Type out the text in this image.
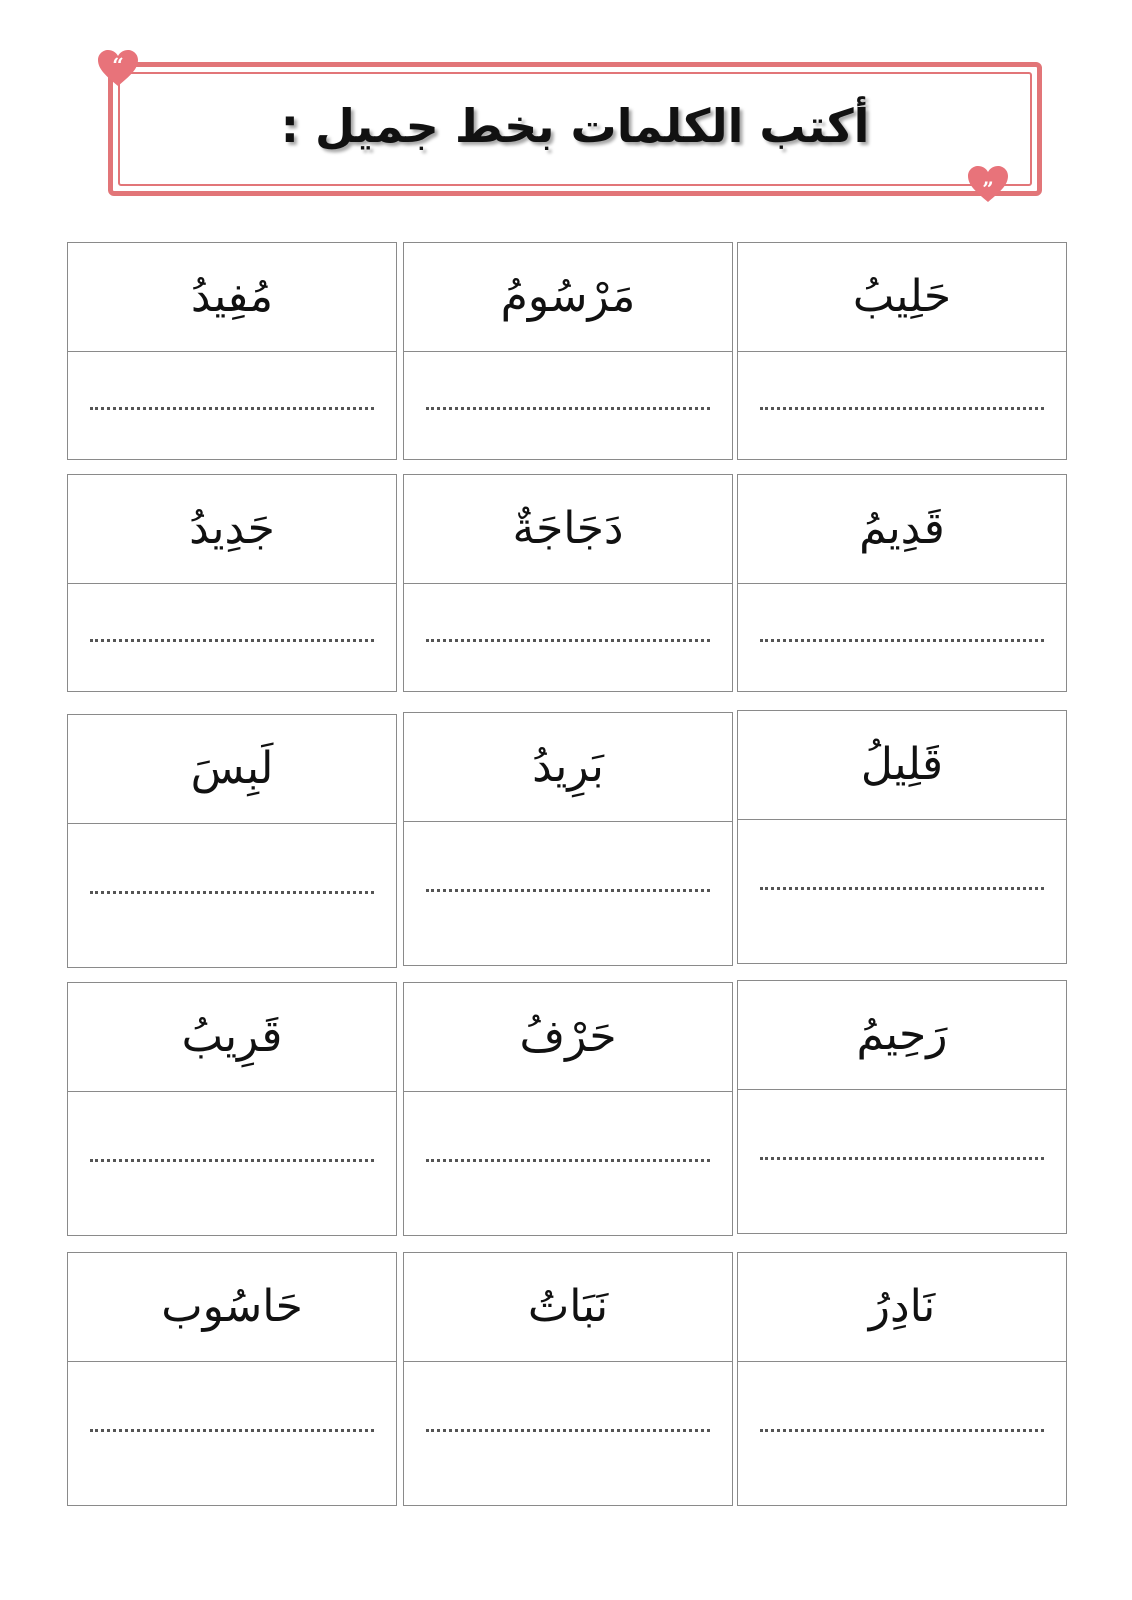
أكتب الكلمات بخط جميل :
“
”
حَلِيبُ
مَرْسُومُ
مُفِيدُ
قَدِيمُ
دَجَاجَةٌ
جَدِيدُ
قَلِيلُ
بَرِيدُ
لَبِسَ
رَحِيمُ
حَرْفُ
قَرِيبُ
نَادِرُ
نَبَاتُ
حَاسُوب
